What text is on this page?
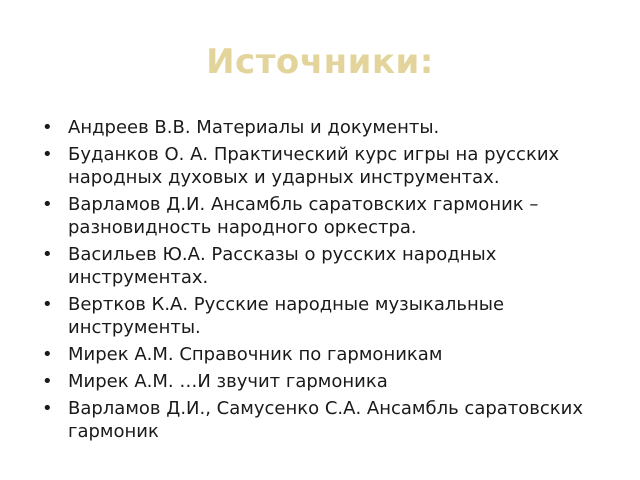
Источники:
• Андреев В.В. Материалы и документы.
• Буданков О. А. Практический курс игры на русских народных духовых и ударных инструментах.
• Варламов Д.И. Ансамбль саратовских гармоник – разновидность народного оркестра.
• Васильев Ю.А. Рассказы о русских народных инструментах.
• Вертков К.А. Русские народные музыкальные инструменты.
• Мирек А.М. Справочник по гармоникам
• Мирек А.М. …И звучит гармоника
• Варламов Д.И., Самусенко С.А. Ансамбль саратовских гармоник
